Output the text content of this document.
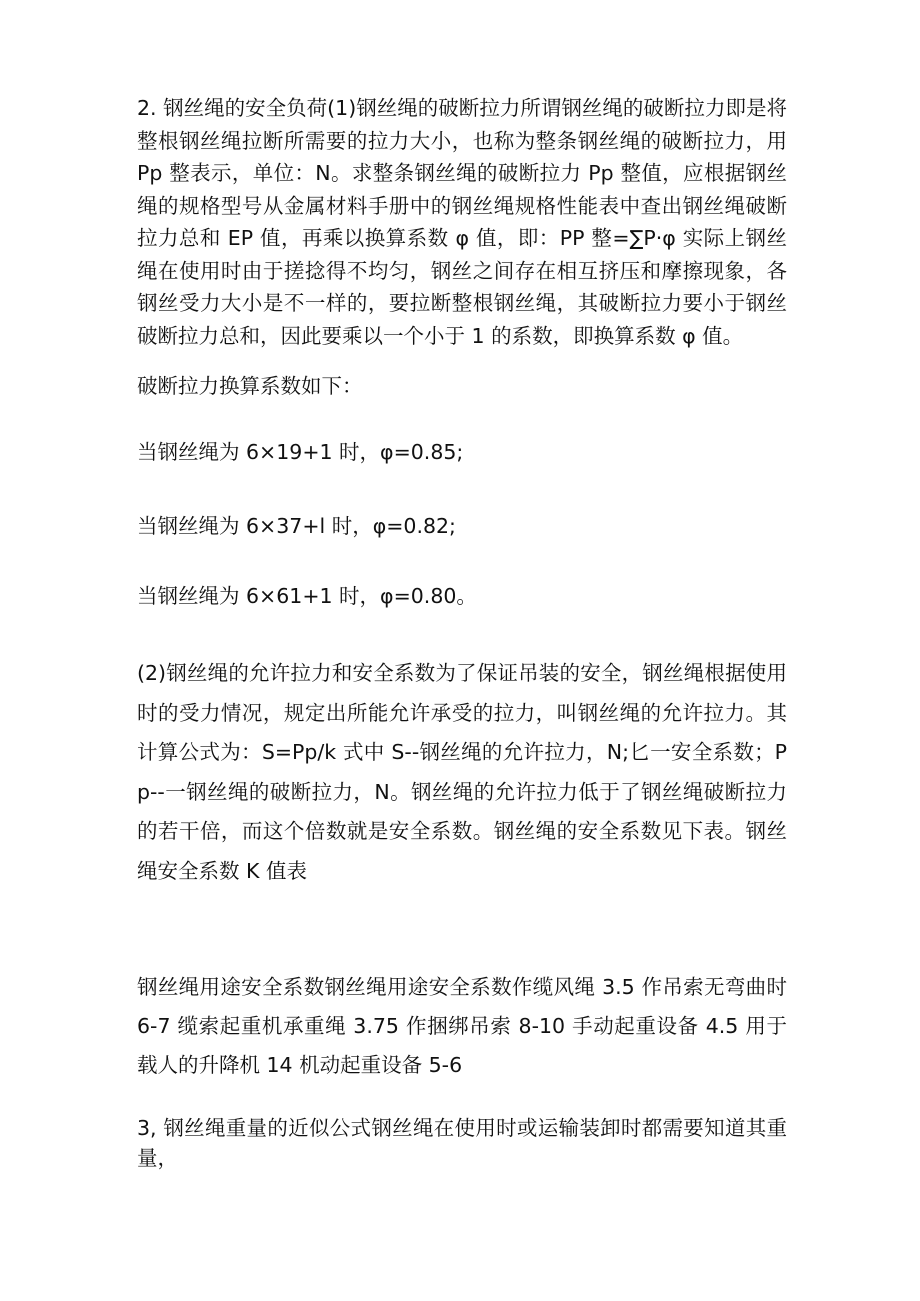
2. 钢丝绳的安全负荷(1)钢丝绳的破断拉力所谓钢丝绳的破断拉力即是将整根钢丝绳拉断所需要的拉力大小，也称为整条钢丝绳的破断拉力，用 Pp 整表示，单位：N。求整条钢丝绳的破断拉力 Pp 整值，应根据钢丝绳的规格型号从金属材料手册中的钢丝绳规格性能表中查出钢丝绳破断拉力总和 EP 值，再乘以换算系数 φ 值，即：PP 整=∑P·φ 实际上钢丝绳在使用时由于搓捻得不均匀，钢丝之间存在相互挤压和摩擦现象，各钢丝受力大小是不一样的，要拉断整根钢丝绳，其破断拉力要小于钢丝破断拉力总和，因此要乘以一个小于 1 的系数，即换算系数 φ 值。

破断拉力换算系数如下：

当钢丝绳为 6×19+1 时，φ=0.85;

当钢丝绳为 6×37+l 时，φ=0.82;

当钢丝绳为 6×61+1 时，φ=0.80。

(2)钢丝绳的允许拉力和安全系数为了保证吊装的安全，钢丝绳根据使用时的受力情况，规定出所能允许承受的拉力，叫钢丝绳的允许拉力。其计算公式为：S=Pp/k 式中 S--钢丝绳的允许拉力，N;匕一安全系数；Pp--一钢丝绳的破断拉力，N。钢丝绳的允许拉力低于了钢丝绳破断拉力的若干倍，而这个倍数就是安全系数。钢丝绳的安全系数见下表。钢丝绳安全系数 K 值表

钢丝绳用途安全系数钢丝绳用途安全系数作缆风绳 3.5 作吊索无弯曲时 6-7 缆索起重机承重绳 3.75 作捆绑吊索 8-10 手动起重设备 4.5 用于载人的升降机 14 机动起重设备 5-6

3, 钢丝绳重量的近似公式钢丝绳在使用时或运输装卸时都需要知道其重量，
